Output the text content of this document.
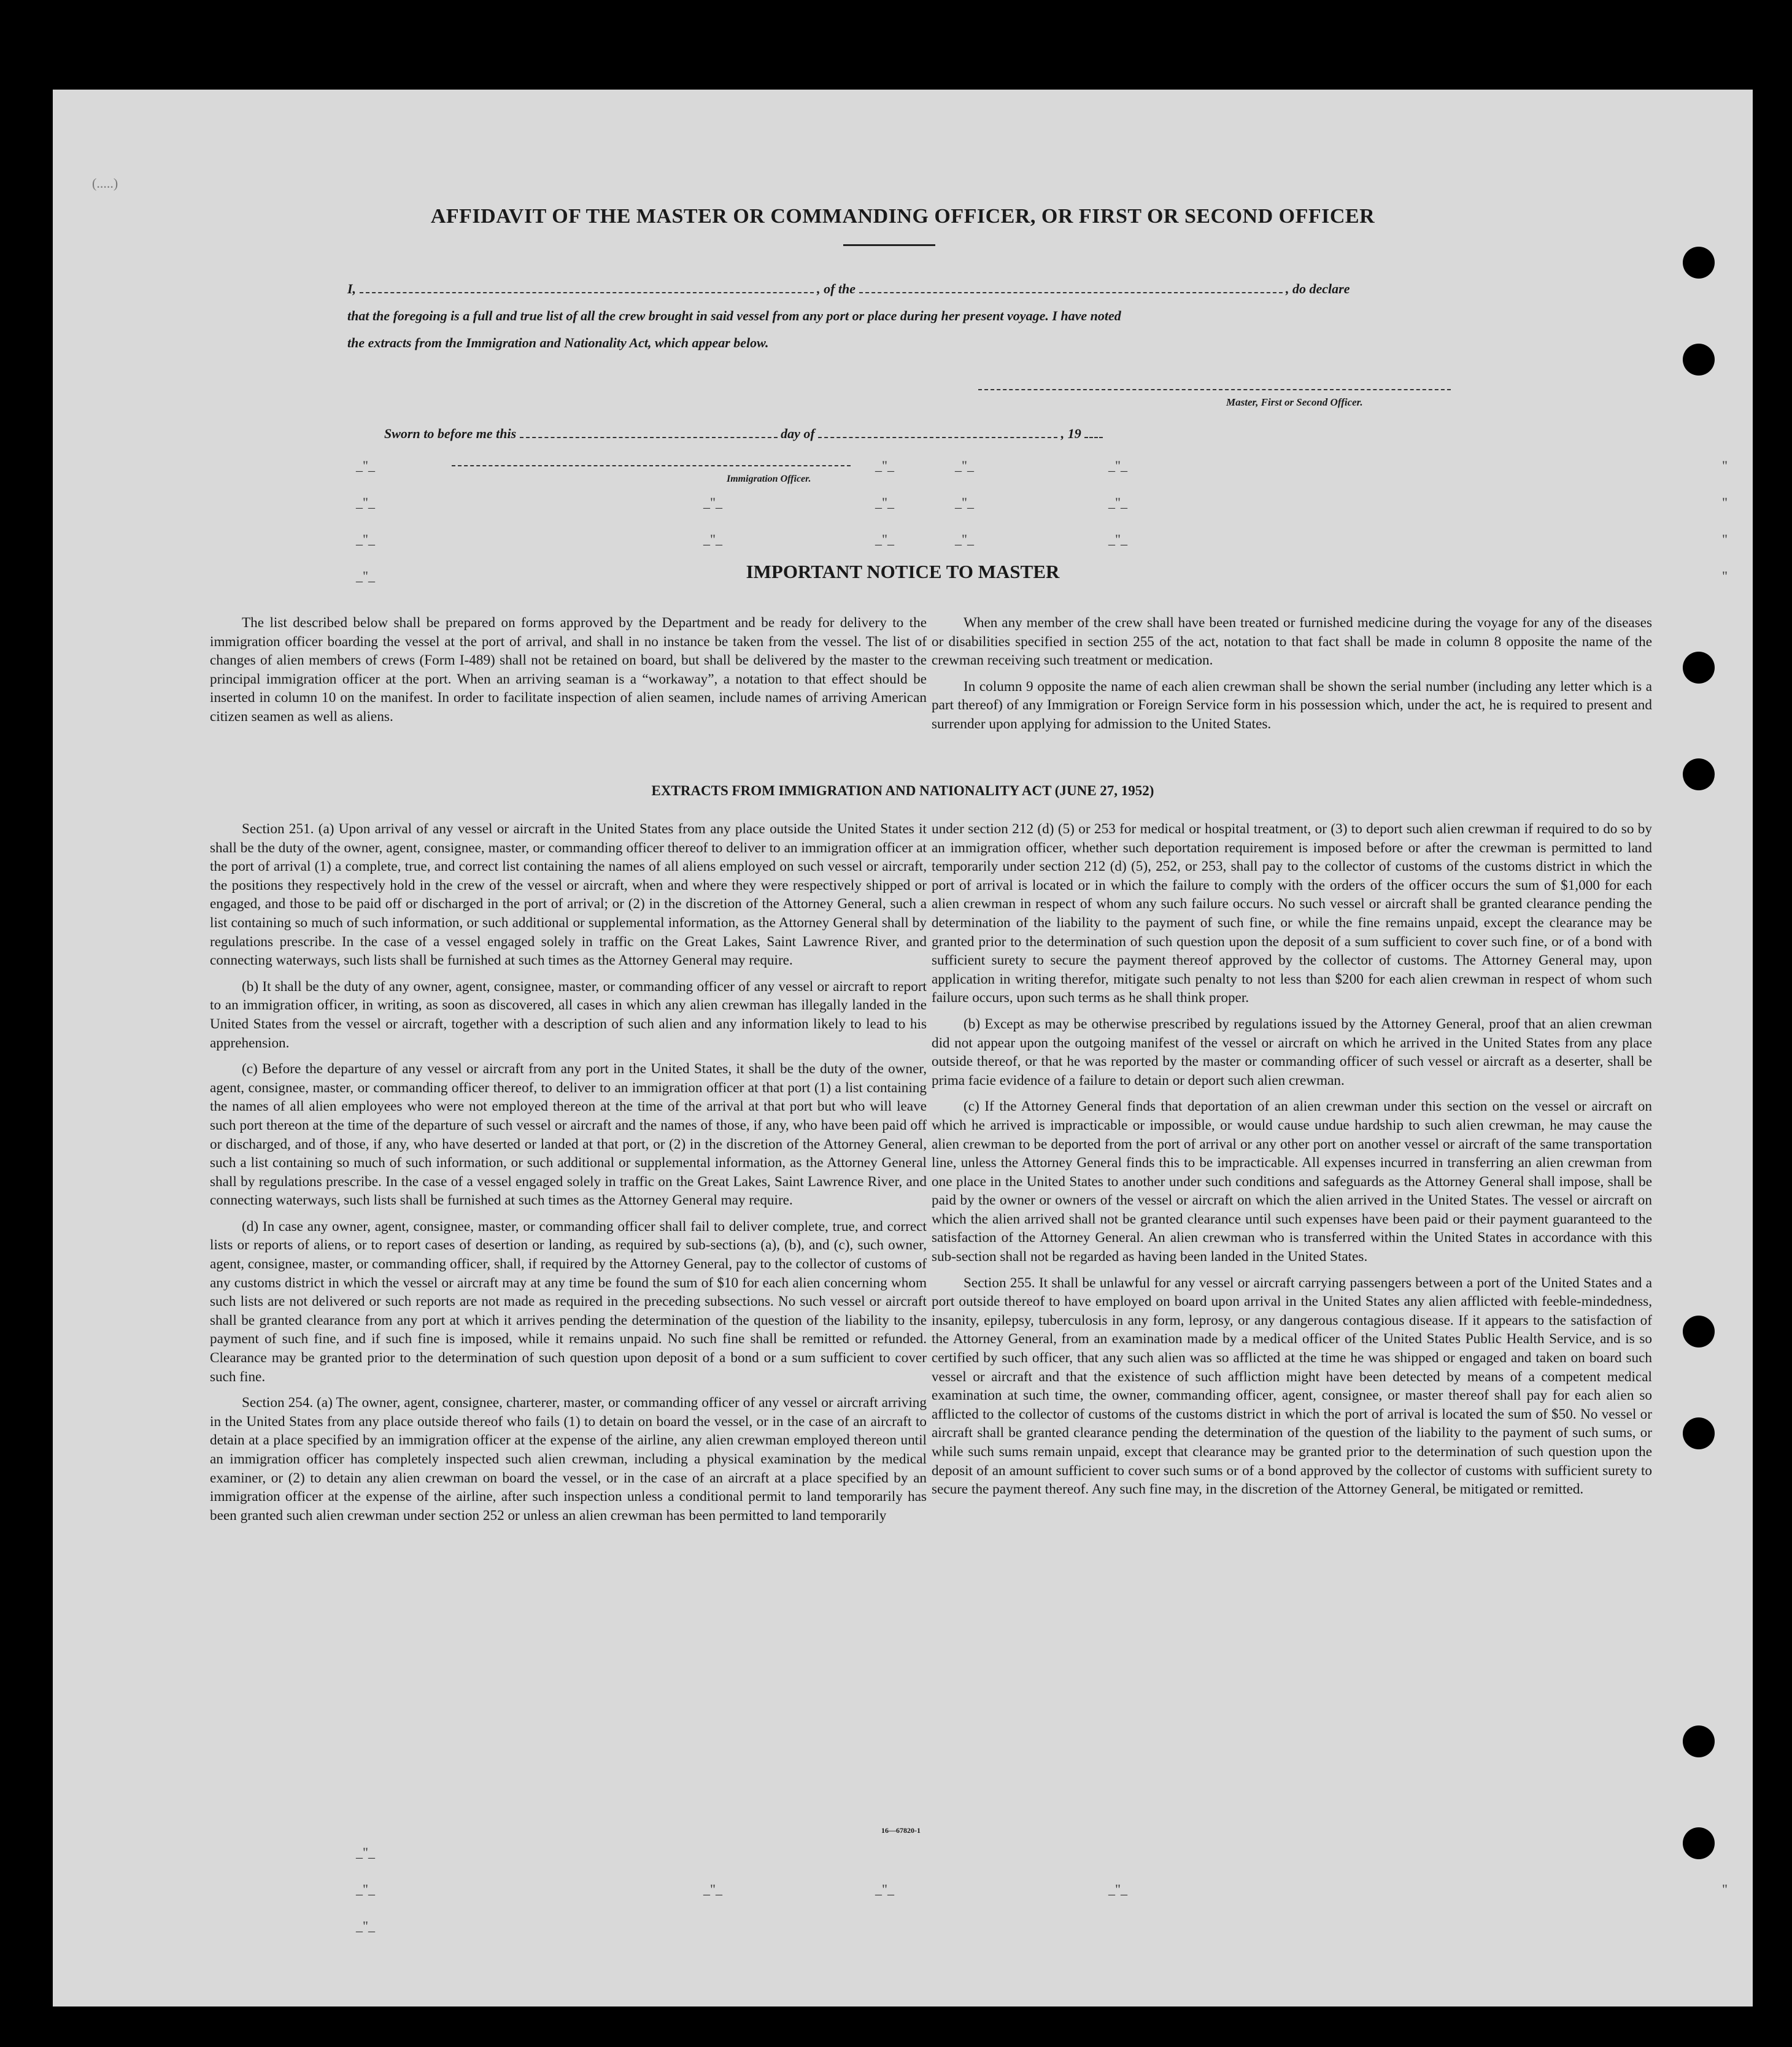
(.....)
AFFIDAVIT OF THE MASTER OR COMMANDING OFFICER, OR FIRST OR SECOND OFFICER
I,	, of the	, do declare
that the foregoing is a full and true list of all the crew brought in said vessel from any port or place during her present voyage. I have noted
the extracts from the Immigration and Nationality Act, which appear below.
Master, First or Second Officer.
Sworn to before me this	day of	, 19
Immigration Officer.
_"_
_"_
_"_
_"_
_"_
_"_
_"_
_"_
_"_
_"_
_"_
_"_
_"_
_"_
_"_
"
"
"
"
_"_
_"_
_"_
_"_	_"_	_"_	"
IMPORTANT NOTICE TO MASTER

The list described below shall be prepared on forms approved by the Department and be ready for delivery to the immigration officer boarding the vessel at the port of arrival, and shall in no instance be taken from the vessel. The list of changes of alien members of crews (Form I-489) shall not be retained on board, but shall be delivered by the master to the principal immigration officer at the port. When an arriving seaman is a “workaway”, a notation to that effect should be inserted in column 10 on the manifest. In order to facilitate inspection of alien seamen, include names of arriving American citizen seamen as well as aliens.

When any member of the crew shall have been treated or furnished medicine during the voyage for any of the diseases or disabilities specified in section 255 of the act, notation to that fact shall be made in column 8 opposite the name of the crewman receiving such treatment or medication.

In column 9 opposite the name of each alien crewman shall be shown the serial number (including any letter which is a part thereof) of any Immigration or Foreign Service form in his possession which, under the act, he is required to present and surrender upon applying for admission to the United States.

EXTRACTS FROM IMMIGRATION AND NATIONALITY ACT (JUNE 27, 1952)

Section 251. (a) Upon arrival of any vessel or aircraft in the United States from any place outside the United States it shall be the duty of the owner, agent, consignee, master, or commanding officer thereof to deliver to an immigration officer at the port of arrival (1) a complete, true, and correct list containing the names of all aliens employed on such vessel or aircraft, the positions they respectively hold in the crew of the vessel or aircraft, when and where they were respectively shipped or engaged, and those to be paid off or discharged in the port of arrival; or (2) in the discretion of the Attorney General, such a list containing so much of such information, or such additional or supplemental information, as the Attorney General shall by regulations prescribe. In the case of a vessel engaged solely in traffic on the Great Lakes, Saint Lawrence River, and connecting waterways, such lists shall be furnished at such times as the Attorney General may require.

(b) It shall be the duty of any owner, agent, consignee, master, or commanding officer of any vessel or aircraft to report to an immigration officer, in writing, as soon as discovered, all cases in which any alien crewman has illegally landed in the United States from the vessel or aircraft, together with a description of such alien and any information likely to lead to his apprehension.

(c) Before the departure of any vessel or aircraft from any port in the United States, it shall be the duty of the owner, agent, consignee, master, or commanding officer thereof, to deliver to an immigration officer at that port (1) a list containing the names of all alien employees who were not employed thereon at the time of the arrival at that port but who will leave such port thereon at the time of the departure of such vessel or aircraft and the names of those, if any, who have been paid off or discharged, and of those, if any, who have deserted or landed at that port, or (2) in the discretion of the Attorney General, such a list containing so much of such information, or such additional or supplemental information, as the Attorney General shall by regulations prescribe. In the case of a vessel engaged solely in traffic on the Great Lakes, Saint Lawrence River, and connecting waterways, such lists shall be furnished at such times as the Attorney General may require.

(d) In case any owner, agent, consignee, master, or commanding officer shall fail to deliver complete, true, and correct lists or reports of aliens, or to report cases of desertion or landing, as required by sub-sections (a), (b), and (c), such owner, agent, consignee, master, or commanding officer, shall, if required by the Attorney General, pay to the collector of customs of any customs district in which the vessel or aircraft may at any time be found the sum of $10 for each alien concerning whom such lists are not delivered or such reports are not made as required in the preceding subsections. No such vessel or aircraft shall be granted clearance from any port at which it arrives pending the determination of the question of the liability to the payment of such fine, and if such fine is imposed, while it remains unpaid. No such fine shall be remitted or refunded. Clearance may be granted prior to the determination of such question upon deposit of a bond or a sum sufficient to cover such fine.

Section 254. (a) The owner, agent, consignee, charterer, master, or commanding officer of any vessel or aircraft arriving in the United States from any place outside thereof who fails (1) to detain on board the vessel, or in the case of an aircraft to detain at a place specified by an immigration officer at the expense of the airline, any alien crewman employed thereon until an immigration officer has completely inspected such alien crewman, including a physical examination by the medical examiner, or (2) to detain any alien crewman on board the vessel, or in the case of an aircraft at a place specified by an immigration officer at the expense of the airline, after such inspection unless a conditional permit to land temporarily has been granted such alien crewman under section 252 or unless an alien crewman has been permitted to land temporarily

under section 212 (d) (5) or 253 for medical or hospital treatment, or (3) to deport such alien crewman if required to do so by an immigration officer, whether such deportation requirement is imposed before or after the crewman is permitted to land temporarily under section 212 (d) (5), 252, or 253, shall pay to the collector of customs of the customs district in which the port of arrival is located or in which the failure to comply with the orders of the officer occurs the sum of $1,000 for each alien crewman in respect of whom any such failure occurs. No such vessel or aircraft shall be granted clearance pending the determination of the liability to the payment of such fine, or while the fine remains unpaid, except the clearance may be granted prior to the determination of such question upon the deposit of a sum sufficient to cover such fine, or of a bond with sufficient surety to secure the payment thereof approved by the collector of customs. The Attorney General may, upon application in writing therefor, mitigate such penalty to not less than $200 for each alien crewman in respect of whom such failure occurs, upon such terms as he shall think proper.

(b) Except as may be otherwise prescribed by regulations issued by the Attorney General, proof that an alien crewman did not appear upon the outgoing manifest of the vessel or aircraft on which he arrived in the United States from any place outside thereof, or that he was reported by the master or commanding officer of such vessel or aircraft as a deserter, shall be prima facie evidence of a failure to detain or deport such alien crewman.

(c) If the Attorney General finds that deportation of an alien crewman under this section on the vessel or aircraft on which he arrived is impracticable or impossible, or would cause undue hardship to such alien crewman, he may cause the alien crewman to be deported from the port of arrival or any other port on another vessel or aircraft of the same transportation line, unless the Attorney General finds this to be impracticable. All expenses incurred in transferring an alien crewman from one place in the United States to another under such conditions and safeguards as the Attorney General shall impose, shall be paid by the owner or owners of the vessel or aircraft on which the alien arrived in the United States. The vessel or aircraft on which the alien arrived shall not be granted clearance until such expenses have been paid or their payment guaranteed to the satisfaction of the Attorney General. An alien crewman who is transferred within the United States in accordance with this sub-section shall not be regarded as having been landed in the United States.

Section 255. It shall be unlawful for any vessel or aircraft carrying passengers between a port of the United States and a port outside thereof to have employed on board upon arrival in the United States any alien afflicted with feeble-mindedness, insanity, epilepsy, tuberculosis in any form, leprosy, or any dangerous contagious disease. If it appears to the satisfaction of the Attorney General, from an examination made by a medical officer of the United States Public Health Service, and is so certified by such officer, that any such alien was so afflicted at the time he was shipped or engaged and taken on board such vessel or aircraft and that the existence of such affliction might have been detected by means of a competent medical examination at such time, the owner, commanding officer, agent, consignee, or master thereof shall pay for each alien so afflicted to the collector of customs of the customs district in which the port of arrival is located the sum of $50. No vessel or aircraft shall be granted clearance pending the determination of the question of the liability to the payment of such sums, or while such sums remain unpaid, except that clearance may be granted prior to the determination of such question upon the deposit of an amount sufficient to cover such sums or of a bond approved by the collector of customs with sufficient surety to secure the payment thereof. Any such fine may, in the discretion of the Attorney General, be mitigated or remitted.

16—67820-1
